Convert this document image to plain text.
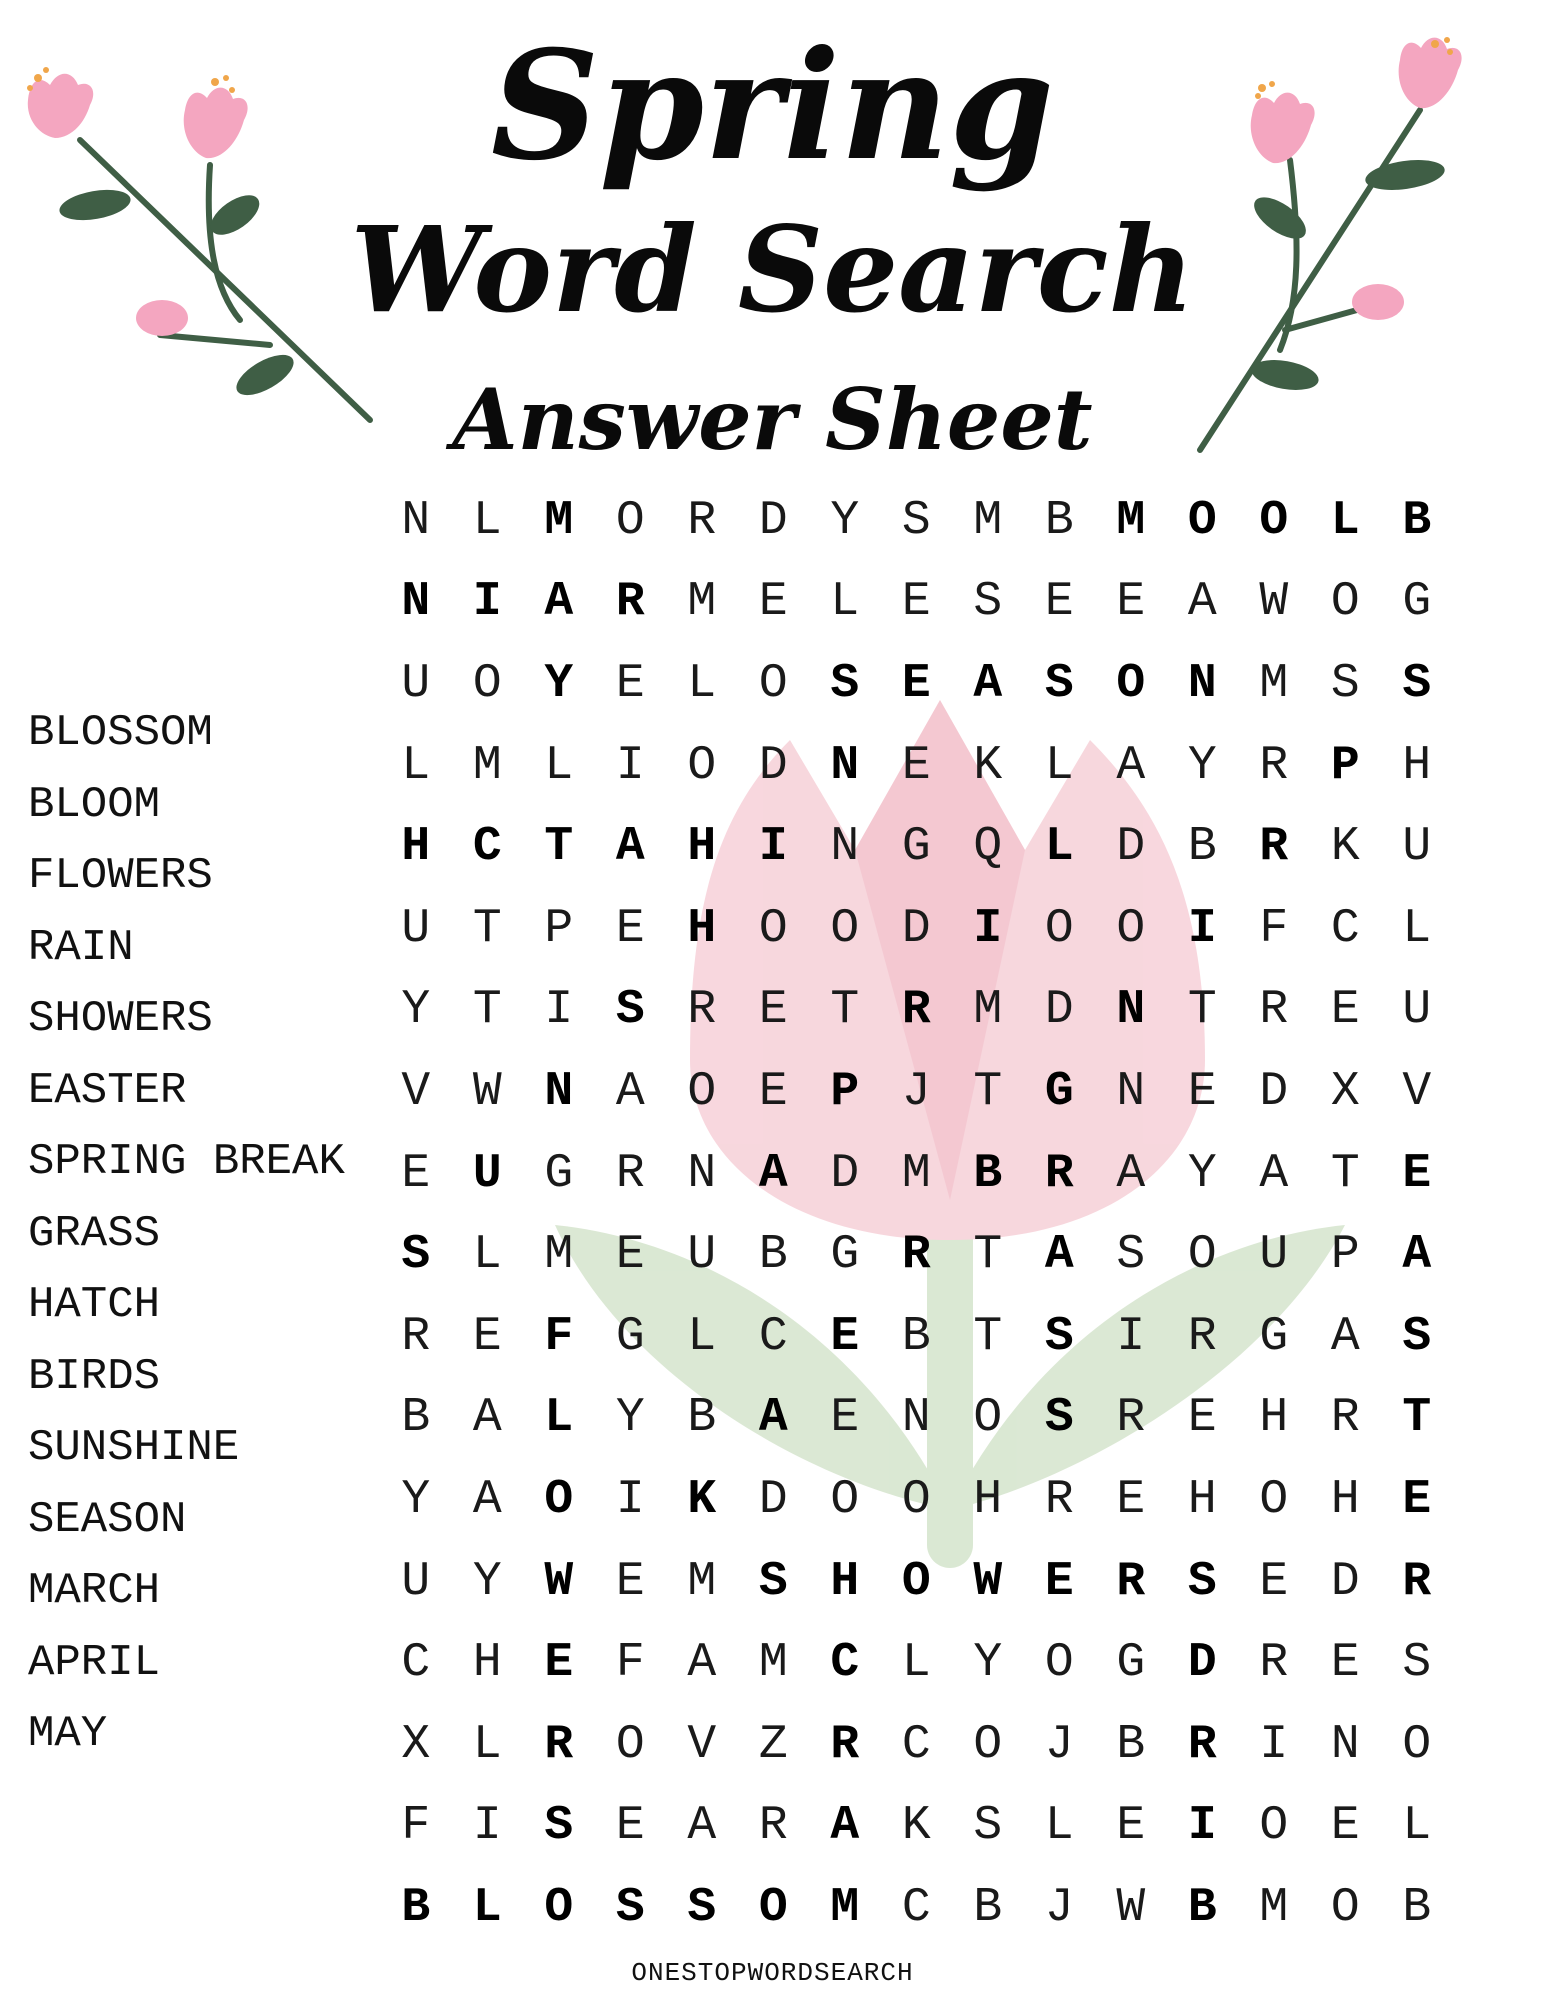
Spring
Word Search
Answer Sheet
BLOSSOM
BLOOM
FLOWERS
RAIN
SHOWERS
EASTER
SPRING BREAK
GRASS
HATCH
BIRDS
SUNSHINE
SEASON
MARCH
APRIL
MAY
N L M O R D Y S M B M O O L B
N I A R M E L E S E E A W O G
U O Y E L O S E A S O N M S S
L M L I O D N E K L A Y R P H
H C T A H I N G Q L D B R K U
U T P E H O O D I O O I F C L
Y T I S R E T R M D N T R E U
V W N A O E P J T G N E D X V
E U G R N A D M B R A Y A T E
S L M E U B G R T A S O U P A
R E F G L C E B T S I R G A S
B A L Y B A E N O S R E H R T
Y A O I K D O O H R E H O H E
U Y W E M S H O W E R S E D R
C H E F A M C L Y O G D R E S
X L R O V Z R C O J B R I N O
F I S E A R A K S L E I O E L
B L O S S O M C B J W B M O B
ONESTOPWORDSEARCH
